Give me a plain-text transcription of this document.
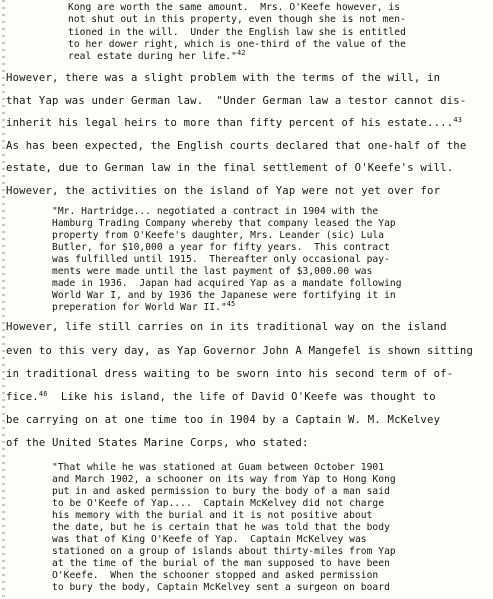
Kong are worth the same amount.  Mrs. O'Keefe however, is
not shut out in this property, even though she is not men-
tioned in the will.  Under the English law she is entitled
to her dower right, which is one-third of the value of the
real estate during her life."$^{42}$
However, there was a slight problem with the terms of the will, in
that Yap was under German law.  "Under German law a testor cannot dis-
inherit his legal heirs to more than fifty percent of his estate....$^{43}$
As has been expected, the English courts declared that one-half of the
estate, due to German law in the final settlement of O'Keefe's will.
However, the activities on the island of Yap were not yet over for
"Mr. Hartridge... negotiated a contract in 1904 with the
Hamburg Trading Company whereby that company leased the Yap
property from O'Keefe's daughter, Mrs. Leander (sic) Lula
Butler, for $10,000 a year for fifty years.  This contract
was fulfilled until 1915.  Thereafter only occasional pay-
ments were made until the last payment of $3,000.00 was
made in 1936.  Japan had acquired Yap as a mandate following
World War I, and by 1936 the Japanese were fortifying it in
preperation for World War II."$^{45}$
However, life still carries on in its traditional way on the island
even to this very day, as Yap Governor John A Mangefel is shown sitting
in traditional dress waiting to be sworn into his second term of of-
fice.$^{46}$  Like his island, the life of David O'Keefe was thought to
be carrying on at one time too in 1904 by a Captain W. M. McKelvey
of the United States Marine Corps, who stated:
"That while he was stationed at Guam between October 1901
and March 1902, a schooner on its way from Yap to Hong Kong
put in and asked permission to bury the body of a man said
to be O'Keefe of Yap....  Captain McKelvey did not charge
his memory with the burial and it is not positive about
the date, but he is certain that he was told that the body
was that of King O'Keefe of Yap.  Captain McKelvey was
stationed on a group of islands about thirty-miles from Yap
at the time of the burial of the man supposed to have been
O'Keefe.  When the schooner stopped and asked permission
to bury the body, Captain McKelvey sent a surgeon on board
